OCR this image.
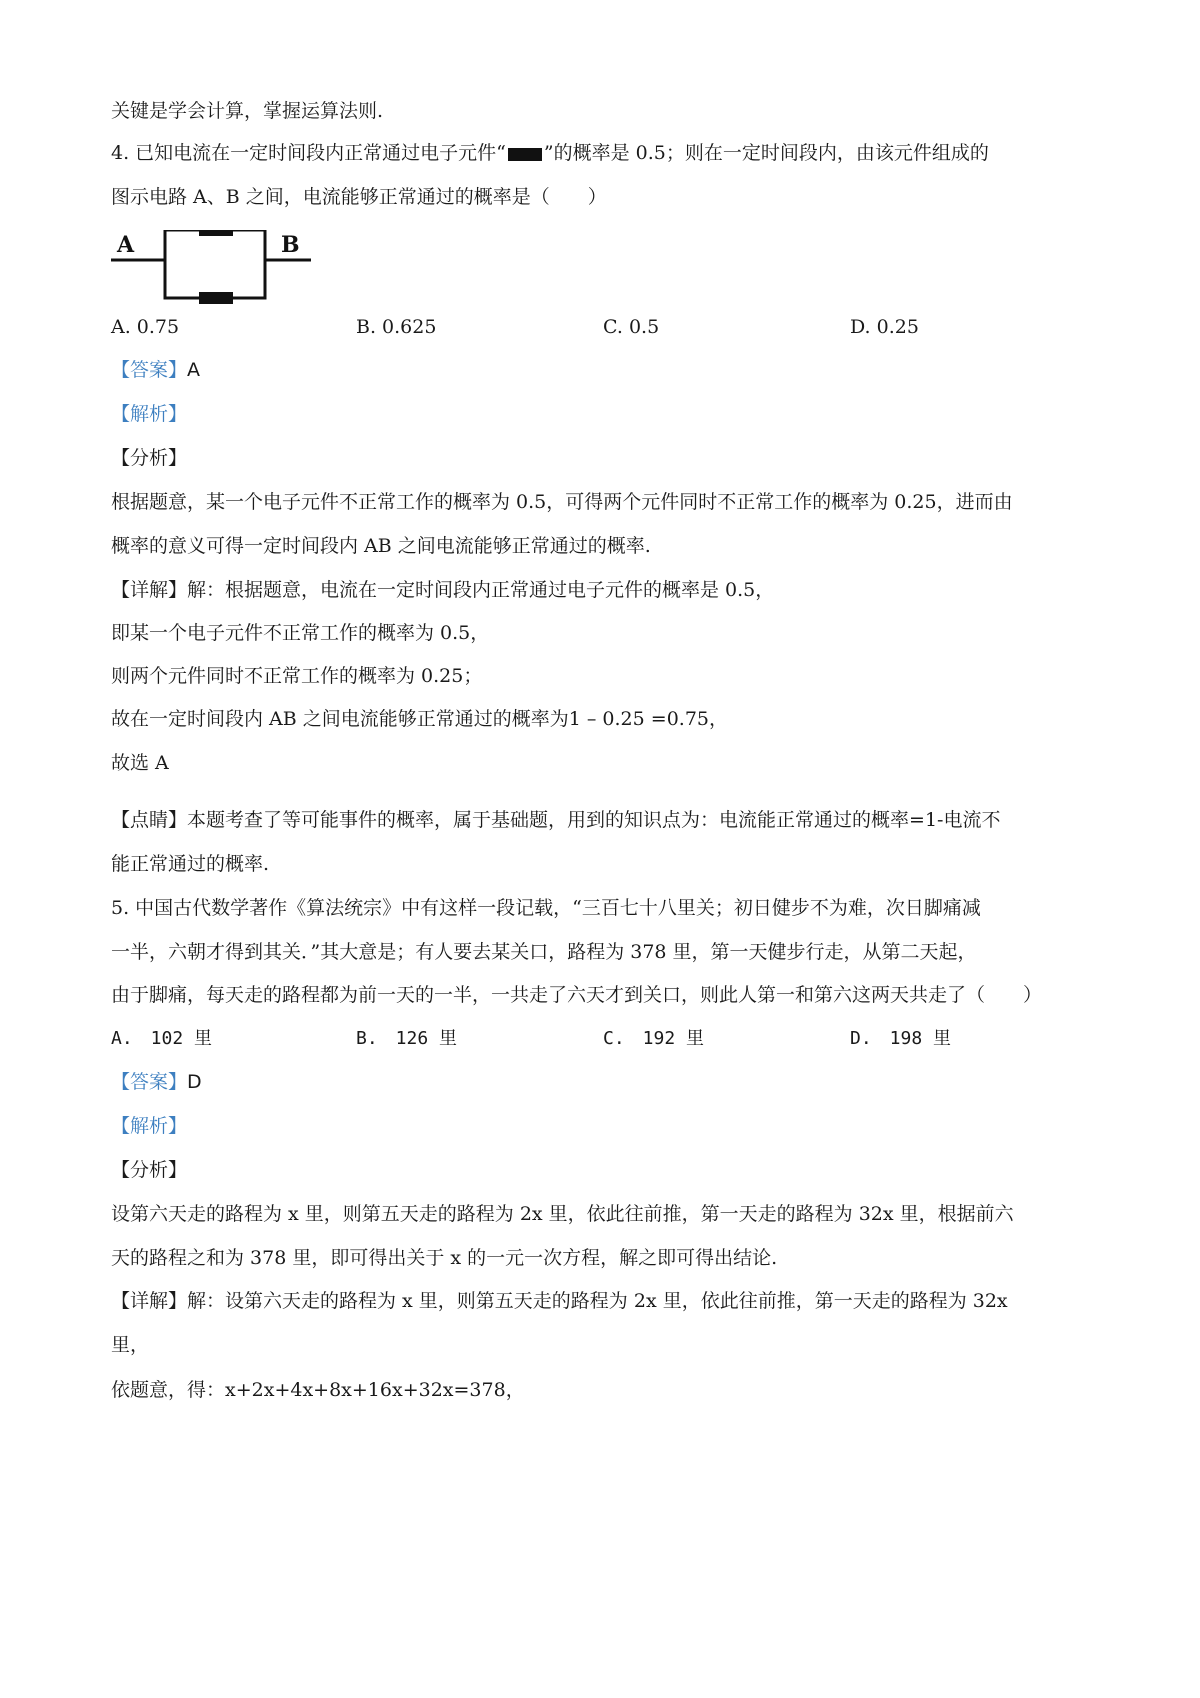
关键是学会计算，掌握运算法则.
4. 已知电流在一定时间段内正常通过电子元件“ ”的概率是 0.5；则在一定时间段内，由该元件组成的
图示电路 A、B 之间，电流能够正常通过的概率是（　　）
A	B
A. 0.75	B. 0.625	C. 0.5	D. 0.25
【答案】A
【解析】
【分析】
根据题意，某一个电子元件不正常工作的概率为 0.5，可得两个元件同时不正常工作的概率为 0.25，进而由
概率的意义可得一定时间段内 AB 之间电流能够正常通过的概率.
【详解】解：根据题意，电流在一定时间段内正常通过电子元件的概率是 0.5，
即某一个电子元件不正常工作的概率为 0.5，
则两个元件同时不正常工作的概率为 0.25；
故在一定时间段内 AB 之间电流能够正常通过的概率为1 – 0.25 =0.75，
故选 A
【点睛】本题考查了等可能事件的概率，属于基础题，用到的知识点为：电流能正常通过的概率=1-电流不
能正常通过的概率.
5. 中国古代数学著作《算法统宗》中有这样一段记载，“三百七十八里关；初日健步不为难，次日脚痛减
一半，六朝才得到其关．”其大意是；有人要去某关口，路程为 378 里，第一天健步行走，从第二天起，
由于脚痛，每天走的路程都为前一天的一半，一共走了六天才到关口，则此人第一和第六这两天共走了（　　）
A.　102 里	B.　126 里	C.　192 里	D.　198 里
【答案】D
【解析】
【分析】
设第六天走的路程为 x 里，则第五天走的路程为 2x 里，依此往前推，第一天走的路程为 32x 里，根据前六
天的路程之和为 378 里，即可得出关于 x 的一元一次方程，解之即可得出结论.
【详解】解：设第六天走的路程为 x 里，则第五天走的路程为 2x 里，依此往前推，第一天走的路程为 32x
里，
依题意，得：x+2x+4x+8x+16x+32x=378，
